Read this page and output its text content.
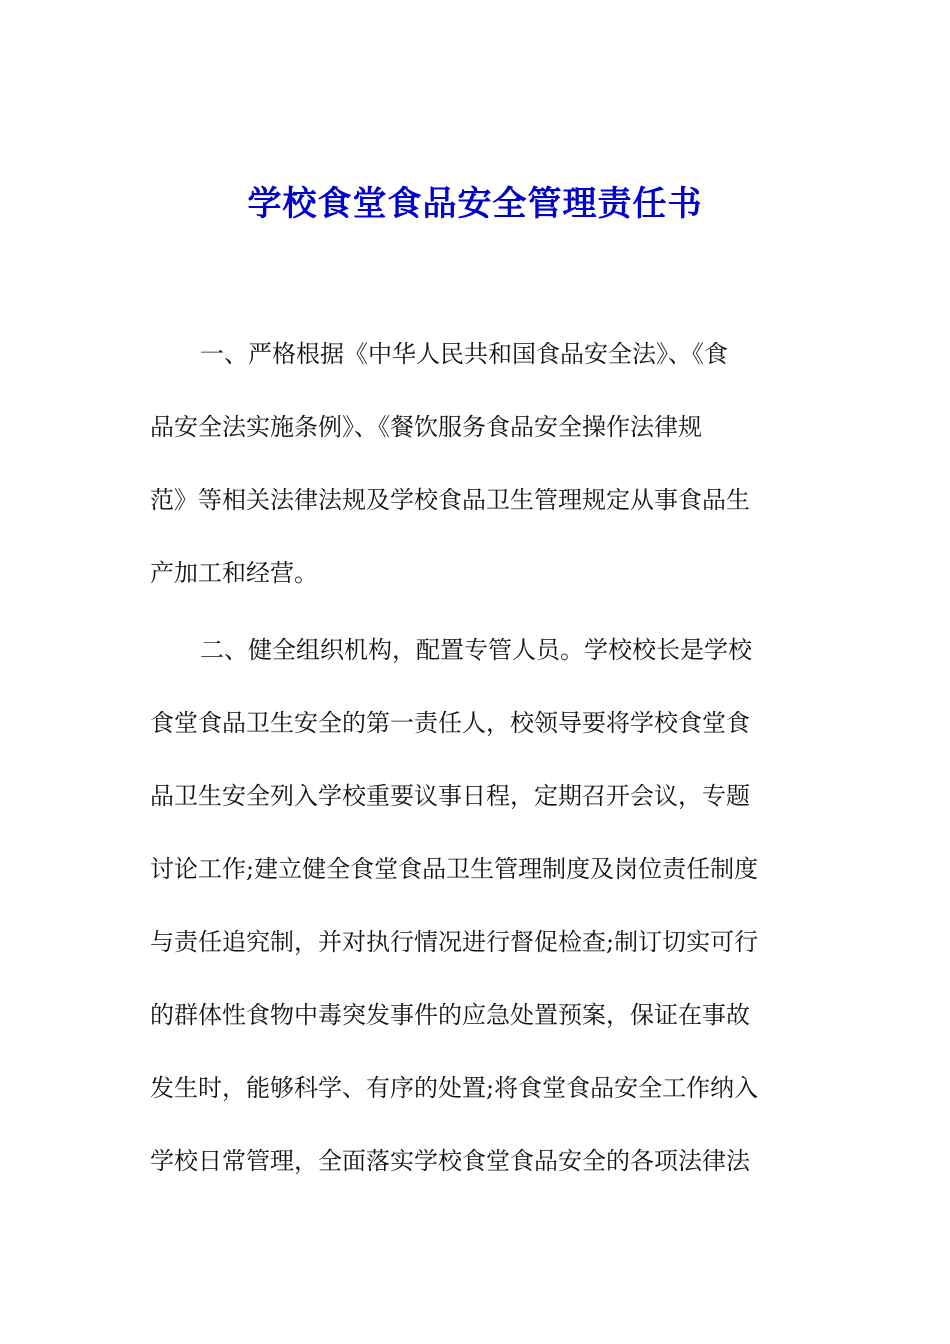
学校食堂食品安全管理责任书
一、严格根据《中华人民共和国食品安全法》、《食
品安全法实施条例》、《餐饮服务食品安全操作法律规
范》等相关法律法规及学校食品卫生管理规定从事食品生
产加工和经营。
二、健全组织机构，配置专管人员。学校校长是学校
食堂食品卫生安全的第一责任人，校领导要将学校食堂食
品卫生安全列入学校重要议事日程，定期召开会议，专题
讨论工作;建立健全食堂食品卫生管理制度及岗位责任制度
与责任追究制，并对执行情况进行督促检查;制订切实可行
的群体性食物中毒突发事件的应急处置预案，保证在事故
发生时，能够科学、有序的处置;将食堂食品安全工作纳入
学校日常管理，全面落实学校食堂食品安全的各项法律法
